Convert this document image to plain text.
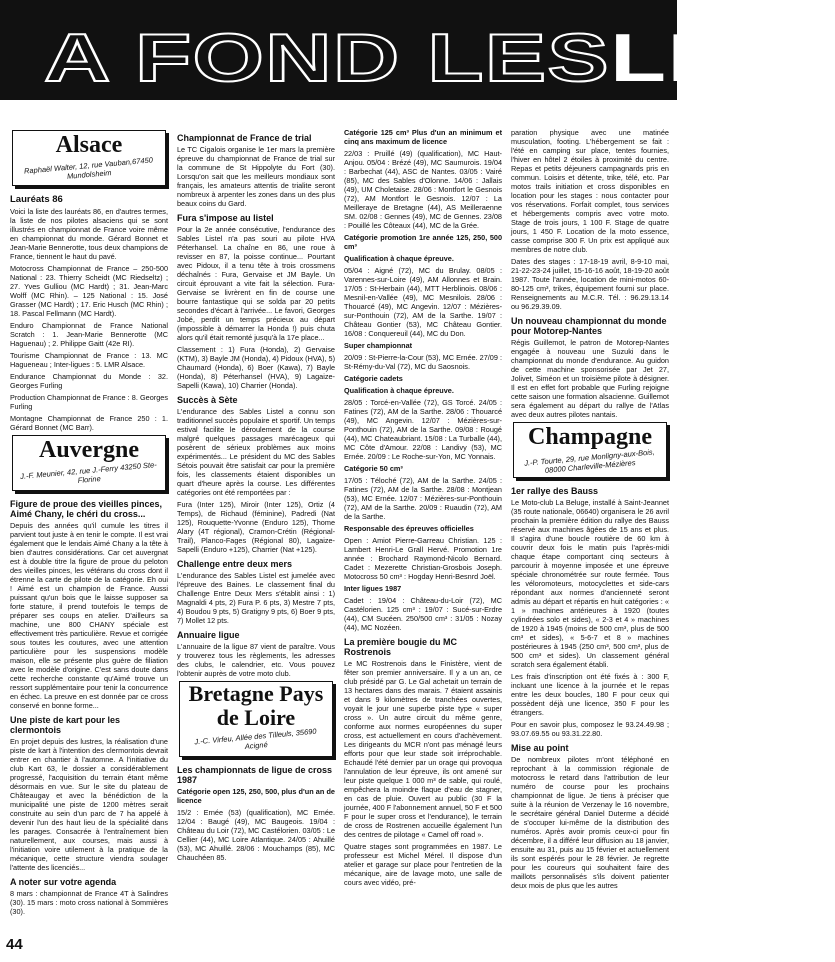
A FOND LESLIGU
Alsace
Raphaël Walter, 12, rue Vauban,67450 Mundolsheim
Lauréats 86

Voici la liste des lauréats 86, en d'autres termes, la liste de nos pilotes alsaciens qui se sont illustrés en championnat de France voire même en championnat du monde. Gérard Bonnet et Jean-Marie Bennerotte, tous deux champions de France, tiennent le haut du pavé.

Motocross Championnat de France – 250-500 National : 23. Thierry Scheidt (MC Riedseltz) ; 27. Yves Gulliou (MC Hardt) ; 31. Jean-Marc Wolff (MC Rhin). – 125 National : 15. José Grasser (MC Hardt) ; 17. Eric Husch (MC Rhin) ; 18. Pascal Fellmann (MC Hardt).

Enduro Championnat de France National Scratch : 1. Jean-Marie Bennerotte (MC Haguenau) ; 2. Philippe Gaitt (42e RI).

Tourisme Championnat de France : 13. MC Hagueneau ; Inter-ligues : 5. LMR Alsace.

Endurance Championnat du Monde : 32. Georges Furling

Production Championnat de France : 8. Georges Furling

Montagne Championnat de France 250 : 1. Gérard Bonnet (MC Barr).

Auvergne
J.-F. Meunier, 42, rue J.-Ferry 43250 Ste-Florine
Figure de proue des vieilles pinces, Aimé Chany, le chéri du cross...

Depuis des années qu'il cumule les titres il parvient tout juste à en tenir le compte. Il est vrai également que le lendais Aimé Chany a la tête à bien d'autres considérations. Car cet auvergnat est à double titre la figure de proue du peloton des vieilles pinces, les vétérans du cross dont il étrenne la carte de pilote de la catégorie. Eh oui ! Aimé est un champion de France. Aussi puissant qu'un bois que le laisse supposer sa forte stature, il prend toutefois le temps de préparer ses coups en atelier. D'ailleurs sa machine, une 800 CHANY spéciale est effectivement très particulière. Revue et corrigée sous toutes les coutures, avec une attention particulière pour les suspensions modèle maison, elle se présente plus guère de filiation avec le modèle d'origine. C'est sans doute dans cette recherche constante qu'Aimé trouve un ressort supplémentaire pour tenir la concurrence en échec. La preuve en est donnée par ce cross conservé en bonne forme...

Une piste de kart pour les clermontois

En projet depuis des lustres, la réalisation d'une piste de kart à l'intention des clermontois devrait entrer en chantier à l'automne. A l'initiative du club Kart 63, le dossier a considérablement progressé, l'acquisition du terrain étant même désormais en vue. Sur le site du plateau de Châteaugay et avec la bénédiction de la municipalité une piste de 1200 mètres serait construite au sein d'un parc de 7 ha appelé à devenir l'un des haut lieu de la spécialité dans les parages. Consacrée à l'entraînement bien naturellement, aux courses, mais aussi à l'initiation voire utilement à la pratique de la mécanique, cette structure viendra soulager l'attente des licenciés...

A noter sur votre agenda

8 mars : championnat de France 4T à Salindres (30). 15 mars : moto cross national à Sommières (30).

Championnat de France de trial

Le TC Cigalois organise le 1er mars la première épreuve du championnat de France de trial sur la commune de St Hippolyte du Fort (30). Lorsqu'on sait que les meilleurs mondiaux sont français, les amateurs attentis de trialite seront nombreux à arpenter les zones dans un des plus beaux coins du Gard.

Fura s'impose au listel

Pour la 2e année consécutive, l'endurance des Sables Listel n'a pas souri au pilote HVA Péterhansel. La chaîne en 86, une roue à revisser en 87, la poisse continue... Pourtant avec Pidoux, il a tenu tête à trois crossmens déchaînés : Fura, Gervaise et JM Bayle. Un circuit éprouvant a vite fait la sélection. Fura-Gervaise se livrèrent en fin de course une bourre fantastique qui se solda par 20 petits secondes d'écart à l'arrivée... Le favori, Georges Jobé, perdit un temps précieux au départ (impossible à démarrer la Honda !) puis chuta alors qu'il était remonté jusqu'à la 17e place...

Classement : 1) Fura (Honda), 2) Gervaise (KTM), 3) Bayle JM (Honda), 4) Pidoux (HVA), 5) Chaumard (Honda), 6) Boer (Kawa), 7) Bayle (Honda), 8) Péterhansel (HVA), 9) Lagaize-Sapelli (Kawa), 10) Charrier (Honda).

Succès à Sète

L'endurance des Sables Listel a connu son traditionnel succès populaire et sportif. Un temps estival facilite le déroulement de la course malgré quelques passages marécageux qui posèrent de sérieux problèmes aux moins expérimentés... Le président du MC des Sables Sétois pouvait être satisfait car pour la première fois, les classements étaient disponibles un quart d'heure après la course. Les différentes catégories ont été remportées par :

Fura (Inter 125), Miroir (Inter 125), Ortiz (4 Temps), de Richaud (féminine), Padredi (Nat 125), Rouquette-Yvonne (Enduro 125), Thome Alary (4T régional), Cramon-Crétin (Régional-Trail), Planco-Fages (Régional 80), Lagaize-Sapelli (Enduro +125), Charrier (Nat +125).

Challenge entre deux mers

L'endurance des Sables Listel est jumelée avec l'épreuve des Baines. Le classement final du Challenge Entre Deux Mers s'établit ainsi : 1) Magnaldi 4 pts, 2) Fura P. 6 pts, 3) Mestre 7 pts, 4) Boudou 9 pts, 5) Gratigny 9 pts, 6) Boer 9 pts, 7) Mollet 12 pts.

Annuaire ligue

L'annuaire de la ligue 87 vient de paraître. Vous y trouverez tous les règlements, les adresses des clubs, le calendrier, etc. Vous pouvez l'obtenir auprès de votre moto club.

Bretagne Pays de Loire
J.-C. Virfeu, Allée des Tilleuls, 35690 Acigné
Les championnats de ligue de cross 1987

Catégorie open 125, 250, 500, plus d'un an de licence

15/2 : Ernée (53) (qualification), MC Ernée. 12/04 : Baugé (49), MC Baugeois. 19/04 : Château du Loir (72), MC Castélorien. 03/05 : Le Cellier (44), MC Loire Atlantique. 24/05 : Ahuillé (53), MC Ahuillé. 28/06 : Mouchamps (85), MC Chauchéen 85.

Catégorie 125 cm³ Plus d'un an minimum et cinq ans maximum de licence

22/03 : Pruillé (49) (qualification), MC Haut-Anjou. 05/04 : Brézé (49), MC Saumurois. 19/04 : Barbechat (44), ASC de Nantes. 03/05 : Vairé (85), MC des Sables d'Olonne. 14/06 : Jallais (49), UM Choletaise. 28/06 : Montfort le Gesnois (72), AM Montfort le Gesnois. 12/07 : La Meilleraye de Bretagne (44), AS Meilleraenne SM. 02/08 : Gennes (49), MC de Gennes. 23/08 : Pouillé les Côteaux (44), MC de la Grée.

Catégorie promotion 1re année 125, 250, 500 cm³

Qualification à chaque épreuve.

05/04 : Aigné (72), MC du Brulay. 08/05 : Varennes-sur-Loire (49), AM Allonnes et Brain. 17/05 : St-Herbain (44), MTT Herblinois. 08/06 : Mesnil-en-Vallée (49), MC Mesnilois. 28/06 : Thouarcé (49), MC Angevin. 12/07 : Mézières-sur-Ponthouin (72), AM de la Sarthe. 19/07 : Château Gontier (53), MC Château Gontier. 16/08 : Conquereuil (44), MC du Don.

Super championnat

20/09 : St-Pierre-la-Cour (53), MC Ernée. 27/09 : St-Rémy-du-Val (72), MC du Saosnois.

Catégorie cadets

Qualification à chaque épreuve.

28/05 : Torcé-en-Vallée (72), GS Torcé. 24/05 : Fatines (72), AM de la Sarthe. 28/06 : Thouarcé (49), MC Angevin. 12/07 : Mézières-sur-Ponthouin (72), AM de la Sarthe. 09/08 : Rougé (44), MC Chateaubriant. 15/08 : La Turballe (44), MC Côte d'Amour. 22/08 : Landivy (53), MC Ernée. 20/09 : Le Roche-sur-Yon, MC Yonnais.

Catégorie 50 cm³

17/05 : Téloché (72), AM de la Sarthe. 24/05 : Fatines (72), AM de la Sarthe. 28/08 : Montjean (53), MC Ernée. 12/07 : Mézières-sur-Ponthouin (72), AM de la Sarthe. 20/09 : Ruaudin (72), AM de la Sarthe.

Responsable des épreuves officielles

Open : Amiot Pierre-Garreau Christian. 125 : Lambert Henri-Le Grall Hervé. Promotion 1re année : Brochard Raymond-Nicolo Bernard. Cadet : Mezerette Christian-Grosbois Joseph. Motocross 50 cm³ : Hogday Henri-Besnrd Joël.

Inter ligues 1987

Cadet : 19/04 : Château-du-Loir (72), MC Castélorien. 125 cm³ : 19/07 : Sucé-sur-Erdre (44), CM Sucéen. 250/500 cm³ : 31/05 : Nozay (44), MC Nozéen.

La première bougie du MC Rostrenois

Le MC Rostrenois dans le Finistère, vient de fêter son premier anniversaire. Il y a un an, ce club présidé par G. Le Gal achetait un terrain de 13 hectares dans des marais. 7 étaient assainis et dans 9 kilomètres de tranchées ouvertes, voyait le jour une superbe piste type « super cross ». Un autre circuit du même genre, conforme aux normes européennes du super cross, est actuellement en cours d'achèvement. Les dirigeants du MCR n'ont pas ménagé leurs efforts pour que leur stade soit irréprochable. Echaudé l'été dernier par un orage qui provoqua l'annulation de leur épreuve, ils ont amené sur leur piste quelque 1 000 m³ de sable, qui roulé, empêchera la moindre flaque d'eau de stagner, en cas de pluie. Ouvert au public (30 F la journée, 400 F l'abonnement annuel, 50 F et 500 F pour le super cross et l'endurance), le terrain de cross de Rostrenen accueille également l'un des centres de pilotage « Camel off road ».

Quatre stages sont programmées en 1987. Le professeur est Michel Mérel. Il dispose d'un atelier et garage sur place pour l'entretien de la mécanique, aire de lavage moto, une salle de cours avec vidéo, pré-

paration physique avec une matinée musculation, footing. L'hébergement se fait : l'été en camping sur place, tentes fournies, l'hiver en hôtel 2 étoiles à proximité du centre. Repas et petits déjeuners campagnards pris en commun. Loisirs et détente, trike, télé, etc. Par motos trails initiation et cross disponibles en location pour les stages : nous contacter pour vos réservations. Forfait complet, tous services et hébergements compris avec votre moto. Stage de trois jours, 1 100 F. Stage de quatre jours, 1 450 F. Location de la moto essence, casse comprise 300 F. Un prix est appliqué aux membres de notre club.

Dates des stages : 17-18-19 avril, 8-9-10 mai, 21-22-23-24 juillet, 15-16-16 août, 18-19-20 août 1987. Toute l'année, location de mini-motos 60-80-125 cm³, trikes, équipement fourni sur place. Renseignements au M.C.R. Tél. : 96.29.13.14 ou 96.29.39.09.

Un nouveau championnat du monde pour Motorep-Nantes

Régis Guillemot, le patron de Motorep-Nantes engagée à nouveau une Suzuki dans le championnat du monde d'endurance. Au guidon de cette machine sponsorisée par Jet 27, Jolivet, Siméon et un troisième pilote à désigner. Il est en effet fort probable que Furling rejoigne cette saison une formation alsacienne. Guillemot sera également au départ du rallye de l'Atlas avec deux autres pilotes nantais.

Champagne
J.-P. Tourte, 29, rue Monligny-aux-Bois, 08000 Charleville-Mézières
1er rallye des Bauss

Le Moto-club La Beluge, installé à Saint-Jeannet (35 route nationale, 06640) organisera le 26 avril prochain la première édition du rallye des Bauss réservé aux machines âgées de 15 ans et plus. Il s'agira d'une boucle routière de 60 km à couvrir deux fois le matin puis l'après-midi chaque étape comportant cinq secteurs à parcourir à moyenne imposée et une épreuve spéciale chronométrée sur route fermée. Tous les véloromoteurs, motocyclettes et side-cars répondant aux normes d'ancienneté seront admis au départ et répartis en huit catégories : « 1 » machines antérieures à 1920 (toutes cylindrées solo et sides), « 2-3 et 4 » machines de 1920 à 1945 (moins de 500 cm³, plus de 500 cm³ et sides), « 5-6-7 et 8 » machines postérieures à 1945 (250 cm³, 500 cm³, plus de 500 cm³ et sides). Un classement général scratch sera également établi.

Les frais d'inscription ont été fixés à : 300 F, incluant une licence à la journée et le repas entre les deux boucles, 180 F pour ceux qui possèdent déjà une licence, 350 F pour les étrangers.

Pour en savoir plus, composez le 93.24.49.98 ; 93.07.69.55 ou 93.31.22.80.

Mise au point

De nombreux pilotes m'ont téléphoné en reprochant à la commission régionale de motocross le retard dans l'attribution de leur numéro de course pour les prochains championnat de ligue. Je tiens à préciser que suite à la réunion de Verzenay le 16 novembre, le secrétaire général Daniel Duterme a décidé de s'occuper lui-même de la distribution des numéros. Après avoir promis ceux-ci pour fin décembre, il a différé leur diffusion au 18 janvier, ensuite au 31, puis au 15 février et actuellement ils sont espérés pour le 28 février. Je regrette pour les coureurs qui souhaitent faire des maillots personnalisés s'ils doivent patienter deux mois de plus que les autres

44
